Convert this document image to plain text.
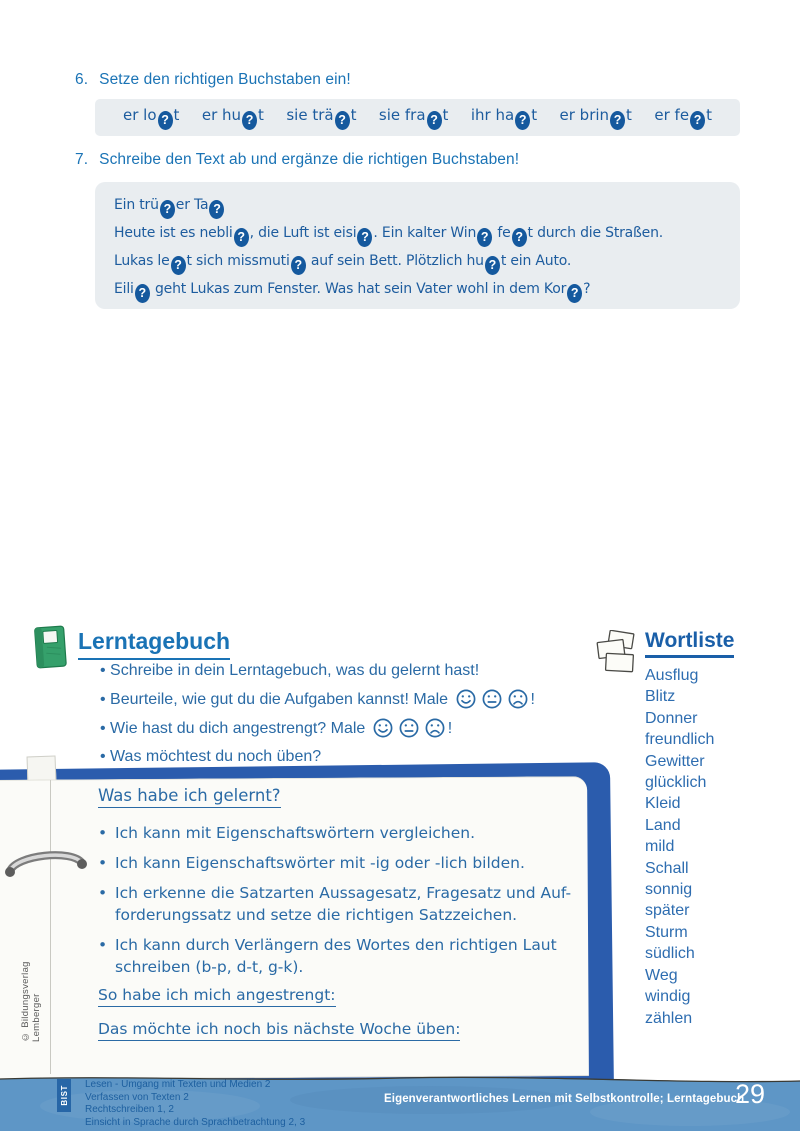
6. Setze den richtigen Buchstaben ein!
er lo ? t er hu ? t sie trä ? t sie fra ? t ihr ha ? t er brin ? t er fe ? t
7. Schreibe den Text ab und ergänze die richtigen Buchstaben!
Ein trü ? er Ta ?
Heute ist es nebli ? , die Luft ist eisi ? . Ein kalter Win ? fe ? t durch die Straßen.
Lukas le ? t sich missmuti ? auf sein Bett. Plötzlich hu ? t ein Auto.
Eili ? geht Lukas zum Fenster. Was hat sein Vater wohl in dem Kor ? ?
Lerntagebuch
• Schreibe in dein Lerntagebuch, was du gelernt hast!
• Beurteile, wie gut du die Aufgaben kannst! Male	!
• Wie hast du dich angestrengt? Male	!
• Was möchtest du noch üben?
Wortliste
Ausflug
Blitz
Donner
freundlich
Gewitter
glücklich
Kleid
Land
mild
Schall
sonnig
später
Sturm
südlich
Weg
windig
zählen
Was habe ich gelernt?
• Ich kann mit Eigenschaftswörtern vergleichen.
• Ich kann Eigenschaftswörter mit -ig oder -lich bilden.
• Ich erkenne die Satzarten Aussagesatz, Fragesatz und Auf-
forderungssatz und setze die richtigen Satzzeichen.
• Ich kann durch Verlängern des Wortes den richtigen Laut
schreiben (b-p, d-t, g-k).
So habe ich mich angestrengt:
Das möchte ich noch bis nächste Woche üben:
© Bildungsverlag Lemberger
BIST
Lesen - Umgang mit Texten und Medien 2
Verfassen von Texten 2
Rechtschreiben 1, 2
Einsicht in Sprache durch Sprachbetrachtung 2, 3
Eigenverantwortliches Lernen mit Selbstkontrolle; Lerntagebuch
29
